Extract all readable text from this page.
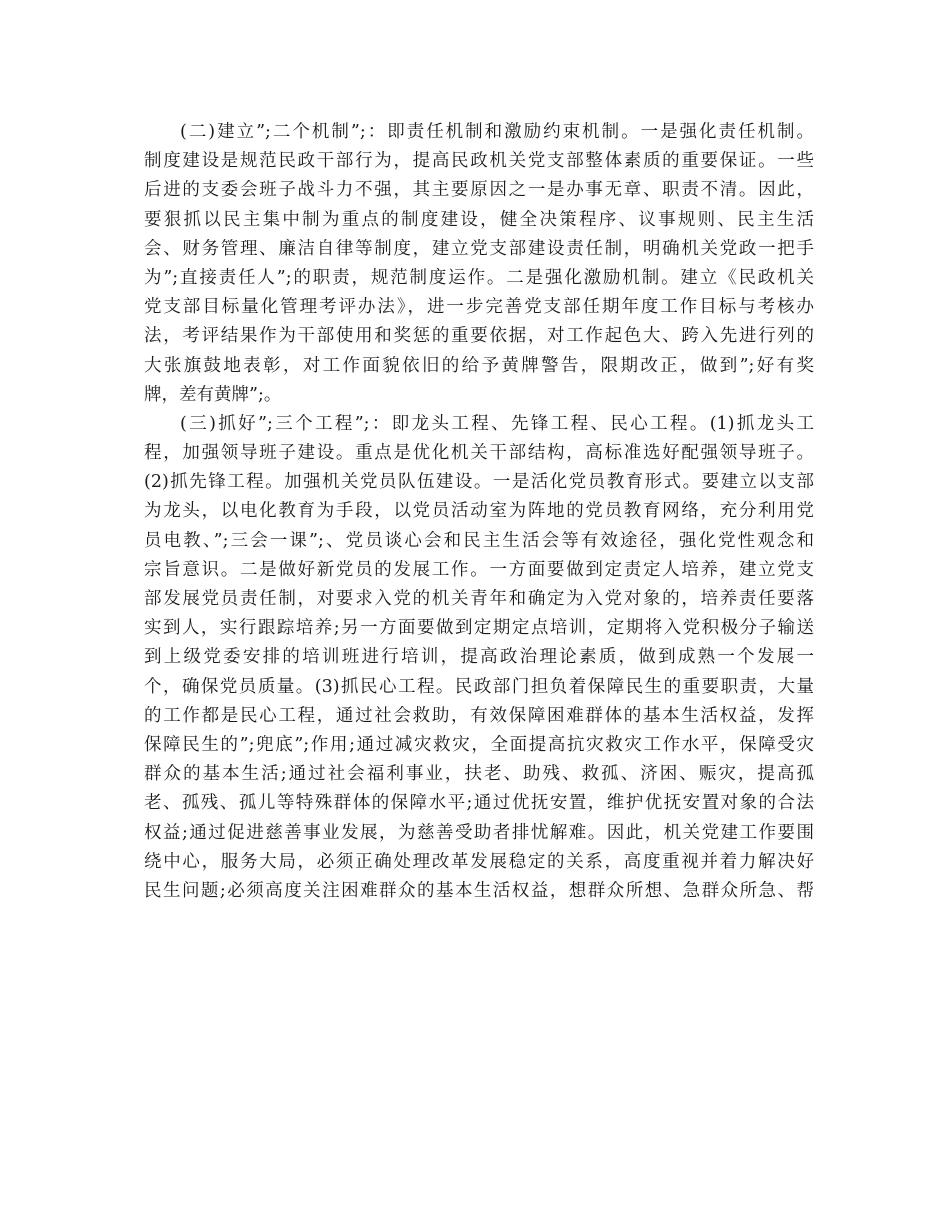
(二)建立”;二个机制”;：即责任机制和激励约束机制。一是强化责任机制。
制度建设是规范民政干部行为，提高民政机关党支部整体素质的重要保证。一些
后进的支委会班子战斗力不强，其主要原因之一是办事无章、职责不清。因此，
要狠抓以民主集中制为重点的制度建设，健全决策程序、议事规则、民主生活
会、财务管理、廉洁自律等制度，建立党支部建设责任制，明确机关党政一把手
为”;直接责任人”;的职责，规范制度运作。二是强化激励机制。建立《民政机关
党支部目标量化管理考评办法》，进一步完善党支部任期年度工作目标与考核办
法，考评结果作为干部使用和奖惩的重要依据，对工作起色大、跨入先进行列的
大张旗鼓地表彰，对工作面貌依旧的给予黄牌警告，限期改正，做到”;好有奖
牌，差有黄牌”;。
(三)抓好”;三个工程”;：即龙头工程、先锋工程、民心工程。(1)抓龙头工
程，加强领导班子建设。重点是优化机关干部结构，高标准选好配强领导班子。
(2)抓先锋工程。加强机关党员队伍建设。一是活化党员教育形式。要建立以支部
为龙头，以电化教育为手段，以党员活动室为阵地的党员教育网络，充分利用党
员电教、”;三会一课”;、党员谈心会和民主生活会等有效途径，强化党性观念和
宗旨意识。二是做好新党员的发展工作。一方面要做到定责定人培养，建立党支
部发展党员责任制，对要求入党的机关青年和确定为入党对象的，培养责任要落
实到人，实行跟踪培养;另一方面要做到定期定点培训，定期将入党积极分子输送
到上级党委安排的培训班进行培训，提高政治理论素质，做到成熟一个发展一
个，确保党员质量。(3)抓民心工程。民政部门担负着保障民生的重要职责，大量
的工作都是民心工程，通过社会救助，有效保障困难群体的基本生活权益，发挥
保障民生的”;兜底”;作用;通过减灾救灾，全面提高抗灾救灾工作水平，保障受灾
群众的基本生活;通过社会福利事业，扶老、助残、救孤、济困、赈灾，提高孤
老、孤残、孤儿等特殊群体的保障水平;通过优抚安置，维护优抚安置对象的合法
权益;通过促进慈善事业发展，为慈善受助者排忧解难。因此，机关党建工作要围
绕中心，服务大局，必须正确处理改革发展稳定的关系，高度重视并着力解决好
民生问题;必须高度关注困难群众的基本生活权益，想群众所想、急群众所急、帮
